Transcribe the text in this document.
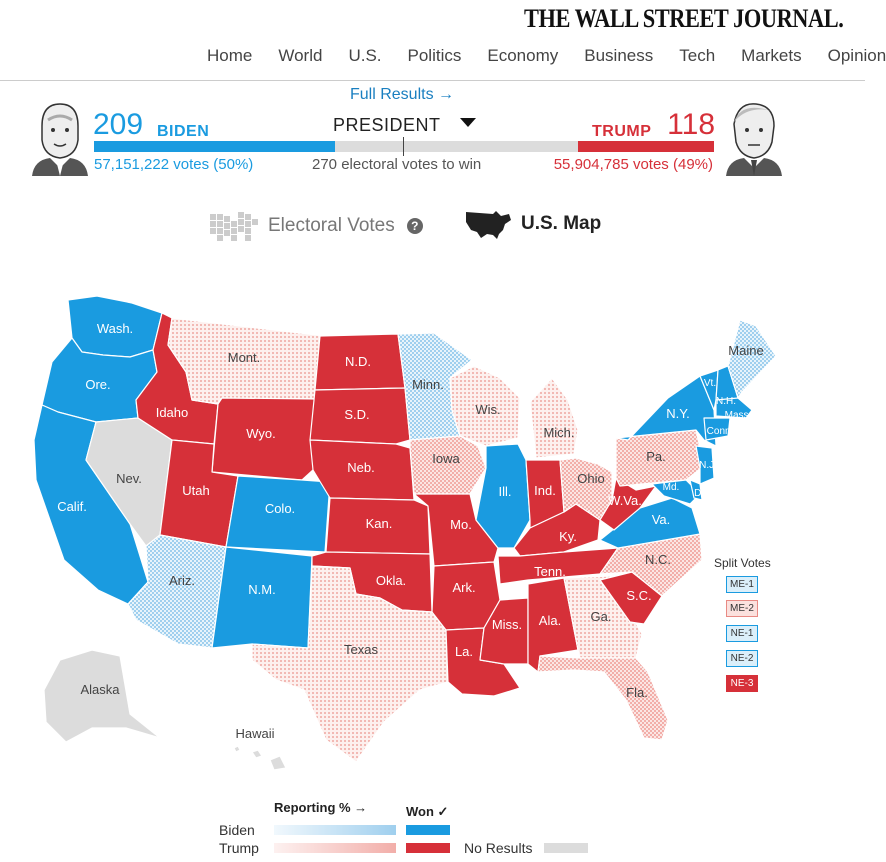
THE WALL STREET JOURNAL.
Home World U.S. Politics Economy Business Tech Markets Opinion
Full Results →
209 BIDEN	PRESIDENT	TRUMP 118
57,151,222 votes (50%)	270 electoral votes to win	55,904,785 votes (49%)
Electoral Votes	?	U.S. Map
Wash.
Ore.
Calif.
Nev.
Idaho
Mont.
Wyo.
Utah
Colo.
Ariz.
N.M.
N.D.
S.D.
Neb.
Kan.
Okla.
Texas
Minn.
Iowa
Mo.
Ark.
La.
Wis.
Ill.
Miss.
Mich.
Ind.
Ky.
Tenn.
Ala.
Ohio
Ga.
Fla.
S.C.
N.C.
Va.
W.Va.
Pa.
N.Y.
Vt.
N.H.
Maine
Mass.
Conn.
N.J.
Md.
Del.
Alaska
Hawaii
Split Votes
ME-1
ME-2
NE-1
NE-2
NE-3
Reporting % →	Won ✓
Biden
Trump	No Results
